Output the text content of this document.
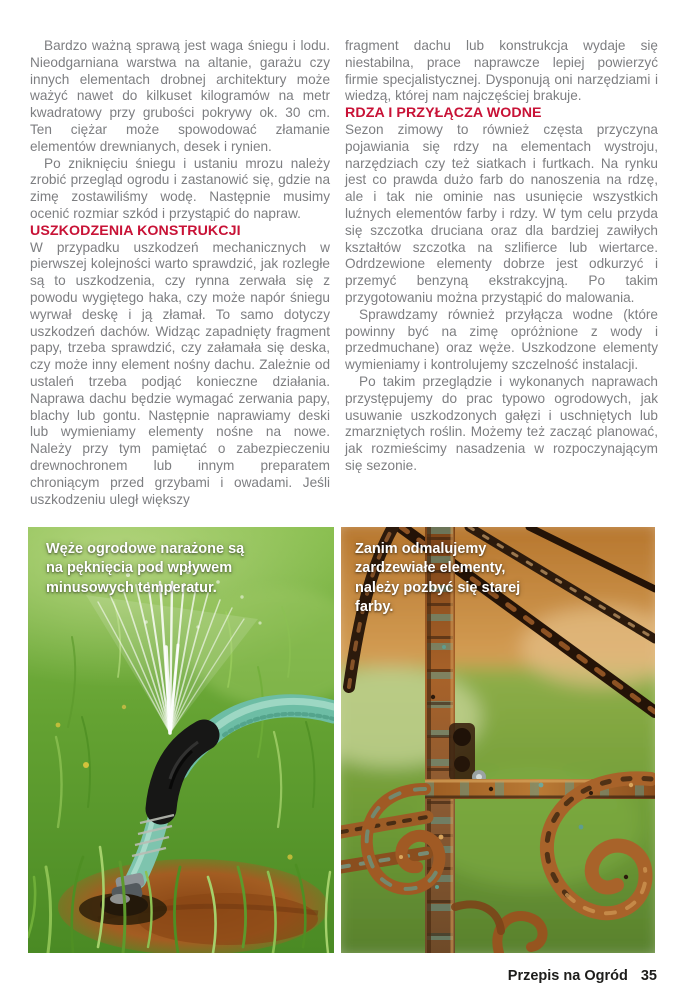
Bardzo ważną sprawą jest waga śniegu i lodu. Nieodgarniana warstwa na altanie, garażu czy innych elementach drobnej architektury może ważyć nawet do kilkuset kilogramów na metr kwadratowy przy grubości pokrywy ok. 30 cm. Ten ciężar może spowodować złamanie elementów drewnianych, desek i rynien.

Po zniknięciu śniegu i ustaniu mrozu należy zrobić przegląd ogrodu i zastanowić się, gdzie na zimę zostawiliśmy wodę. Następnie musimy ocenić rozmiar szkód i przystąpić do napraw.

USZKODZENIA KONSTRUKCJI

W przypadku uszkodzeń mechanicznych w pierwszej kolejności warto sprawdzić, jak rozległe są to uszkodzenia, czy rynna zerwała się z powodu wygiętego haka, czy może napór śniegu wyrwał deskę i ją złamał. To samo dotyczy uszkodzeń dachów. Widząc zapadnięty fragment papy, trzeba sprawdzić, czy załamała się deska, czy może inny element nośny dachu. Zależnie od ustaleń trzeba podjąć konieczne działania. Naprawa dachu będzie wymagać zerwania papy, blachy lub gontu. Następnie naprawiamy deski lub wymieniamy elementy nośne na nowe. Należy przy tym pamiętać o zabezpieczeniu drewnochronem lub innym preparatem chroniącym przed grzybami i owadami. Jeśli uszkodzeniu uległ większy

fragment dachu lub konstrukcja wydaje się niestabilna, prace naprawcze lepiej powierzyć firmie specjalistycznej. Dysponują oni narzędziami i wiedzą, której nam najczęściej brakuje.

RDZA I PRZYŁĄCZA WODNE

Sezon zimowy to również częsta przyczyna pojawiania się rdzy na elementach wystroju, narzędziach czy też siatkach i furtkach. Na rynku jest co prawda dużo farb do nanoszenia na rdzę, ale i tak nie ominie nas usunięcie wszystkich luźnych elementów farby i rdzy. W tym celu przyda się szczotka druciana oraz dla bardziej zawiłych kształtów szczotka na szlifierce lub wiertarce. Odrdzewione elementy dobrze jest odkurzyć i przemyć benzyną ekstrakcyjną. Po takim przygotowaniu można przystąpić do malowania.

Sprawdzamy również przyłącza wodne (które powinny być na zimę opróżnione z wody i przedmuchane) oraz węże. Uszkodzone elementy wymieniamy i kontrolujemy szczelność instalacji.

Po takim przeglądzie i wykonanych naprawach przystępujemy do prac typowo ogrodowych, jak usuwanie uszkodzonych gałęzi i uschniętych lub zmarzniętych roślin. Możemy też zacząć planować, jak rozmieścimy nasadzenia w rozpoczynającym się sezonie.

Węże ogrodowe narażone są na pęknięcia pod wpływem minusowych temperatur.
Zanim odmalujemy zardzewiałe elementy, należy pozbyć się starej farby.
Przepis na Ogród 35
